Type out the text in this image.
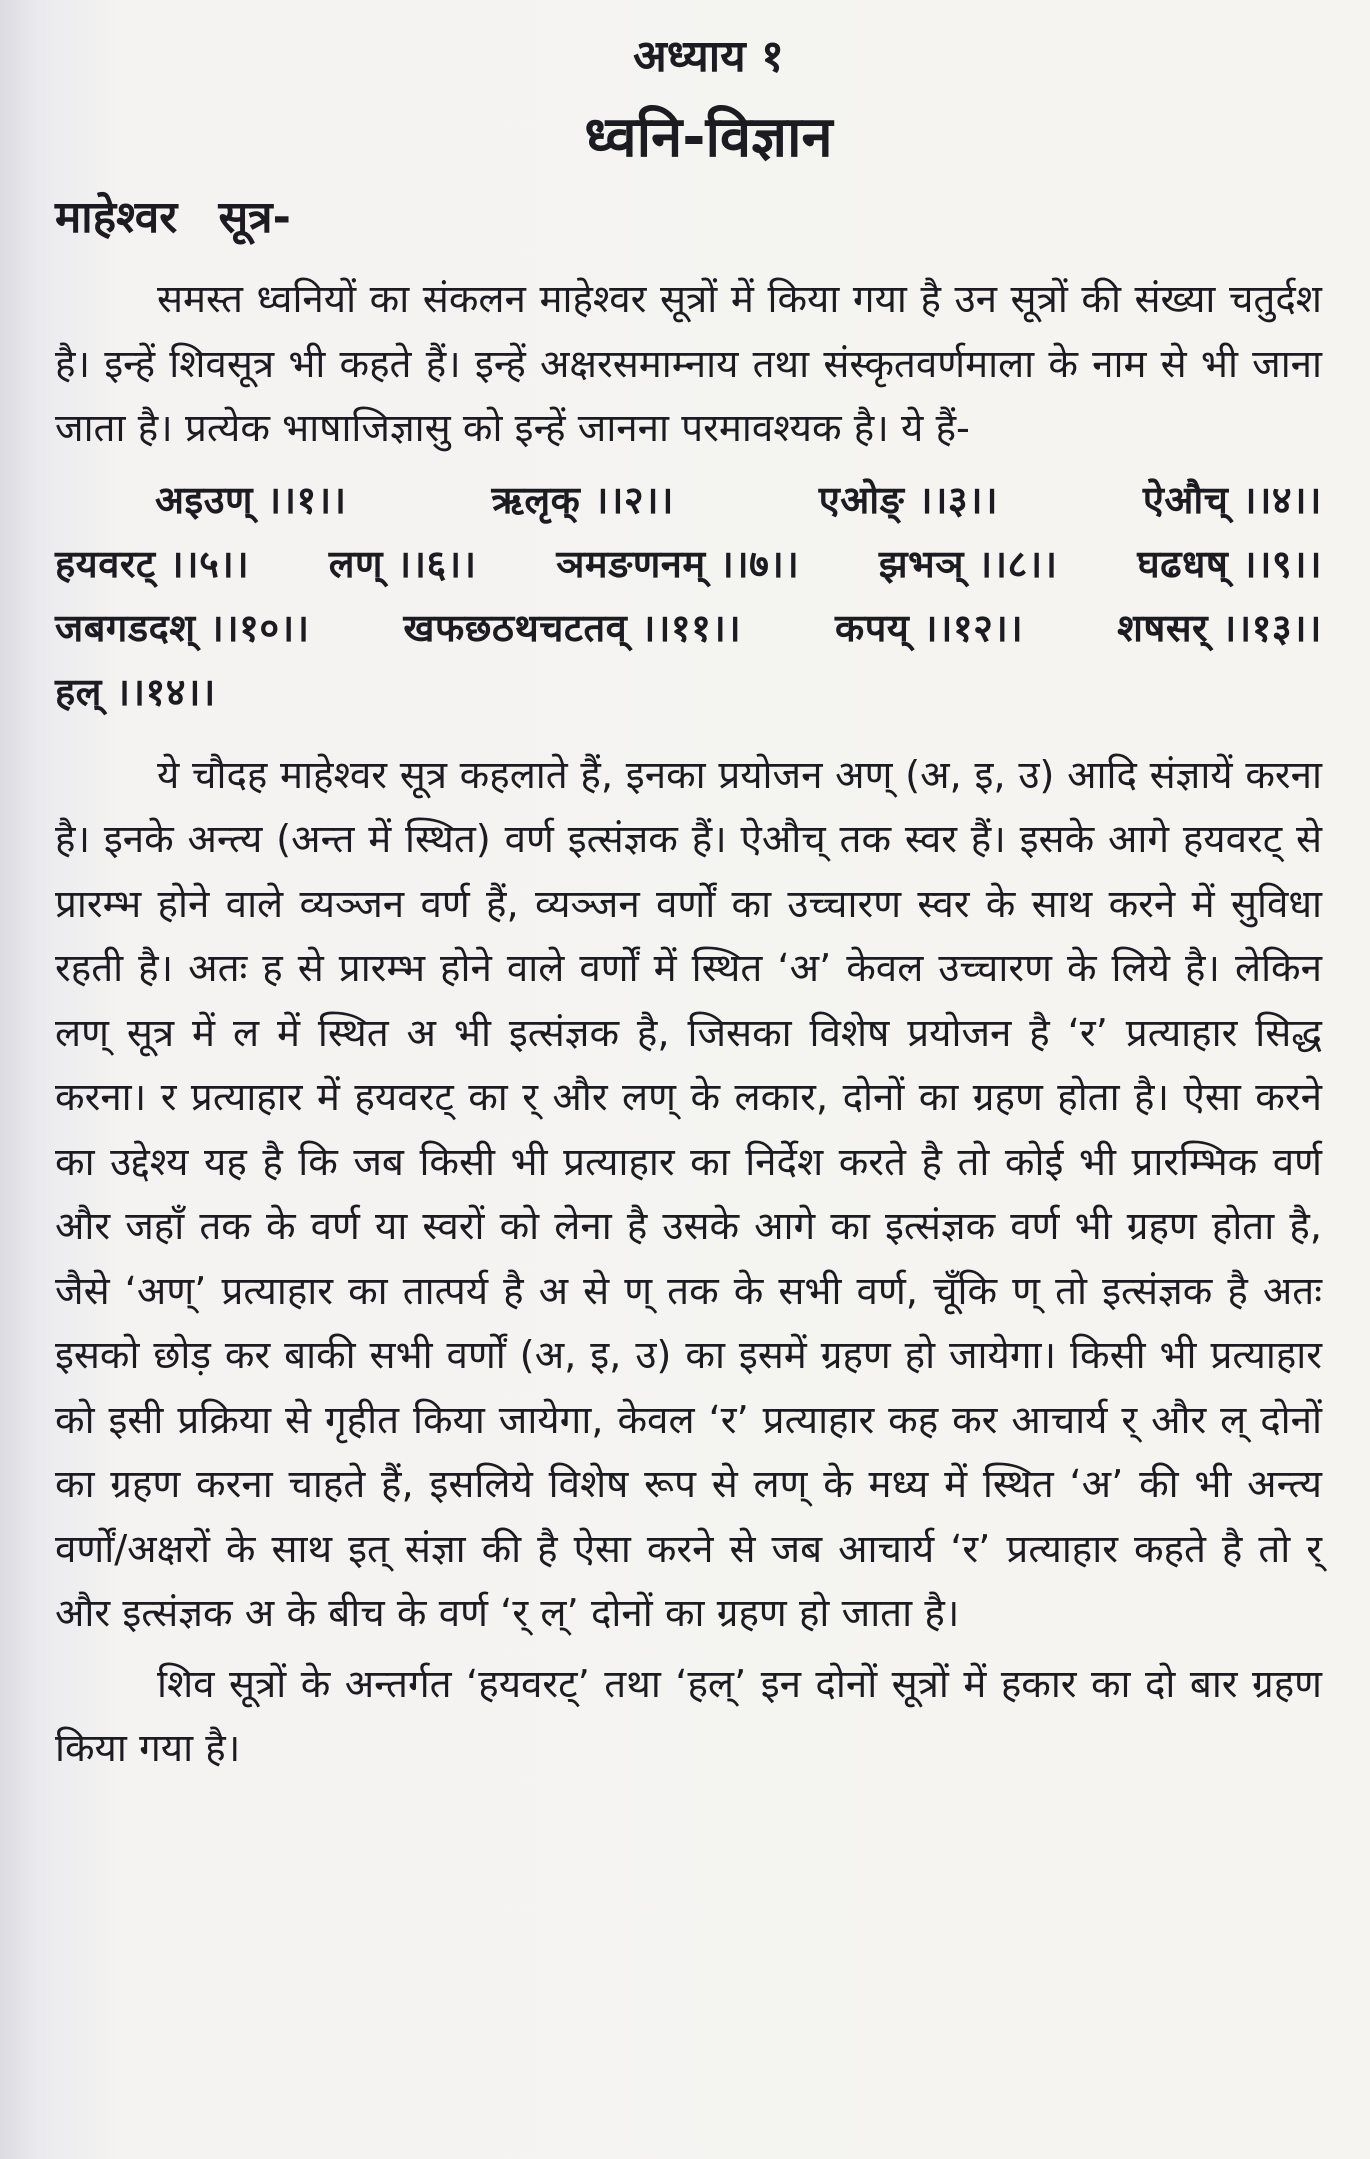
अध्याय १
ध्वनि-विज्ञान
माहेश्वर सूत्र-

समस्त ध्वनियों का संकलन माहेश्वर सूत्रों में किया गया है उन सूत्रों की संख्या चतुर्दश है। इन्हें शिवसूत्र भी कहते हैं। इन्हें अक्षरसमाम्नाय तथा संस्कृतवर्णमाला के नाम से भी जाना जाता है। प्रत्येक भाषाजिज्ञासु को इन्हें जानना परमावश्यक है। ये हैं-

अइउण् ।।१।।	ऋलृक् ।।२।।	एओङ् ।।३।।	ऐऔच् ।।४।।
हयवरट् ।।५।। लण् ।।६।। ञमङणनम् ।।७।। झभञ् ।।८।। घढधष् ।।९।।
जबगडदश् ।।१०।। खफछठथचटतव् ।।११।। कपय् ।।१२।। शषसर् ।।१३।।
हल् ।।१४।।

ये चौदह माहेश्वर सूत्र कहलाते हैं, इनका प्रयोजन अण् (अ, इ, उ) आदि संज्ञायें करना है। इनके अन्त्य (अन्त में स्थित) वर्ण इत्संज्ञक हैं। ऐऔच् तक स्वर हैं। इसके आगे हयवरट् से प्रारम्भ होने वाले व्यञ्जन वर्ण हैं, व्यञ्जन वर्णों का उच्चारण स्वर के साथ करने में सुविधा रहती है। अतः ह से प्रारम्भ होने वाले वर्णों में स्थित ‘अ’ केवल उच्चारण के लिये है। लेकिन लण् सूत्र में ल में स्थित अ भी इत्संज्ञक है, जिसका विशेष प्रयोजन है ‘र’ प्रत्याहार सिद्ध करना। र प्रत्याहार में हयवरट् का र् और लण् के लकार, दोनों का ग्रहण होता है। ऐसा करने का उद्देश्य यह है कि जब किसी भी प्रत्याहार का निर्देश करते है तो कोई भी प्रारम्भिक वर्ण और जहाँ तक के वर्ण या स्वरों को लेना है उसके आगे का इत्संज्ञक वर्ण भी ग्रहण होता है, जैसे ‘अण्’ प्रत्याहार का तात्पर्य है अ से ण् तक के सभी वर्ण, चूँकि ण् तो इत्संज्ञक है अतः इसको छोड़ कर बाकी सभी वर्णों (अ, इ, उ) का इसमें ग्रहण हो जायेगा। किसी भी प्रत्याहार को इसी प्रक्रिया से गृहीत किया जायेगा, केवल ‘र’ प्रत्याहार कह कर आचार्य र् और ल् दोनों का ग्रहण करना चाहते हैं, इसलिये विशेष रूप से लण् के मध्य में स्थित ‘अ’ की भी अन्त्य वर्णों/अक्षरों के साथ इत् संज्ञा की है ऐसा करने से जब आचार्य ‘र’ प्रत्याहार कहते है तो र् और इत्संज्ञक अ के बीच के वर्ण ‘र् ल्’ दोनों का ग्रहण हो जाता है।

शिव सूत्रों के अन्तर्गत ‘हयवरट्’ तथा ‘हल्’ इन दोनों सूत्रों में हकार का दो बार ग्रहण किया गया है।
